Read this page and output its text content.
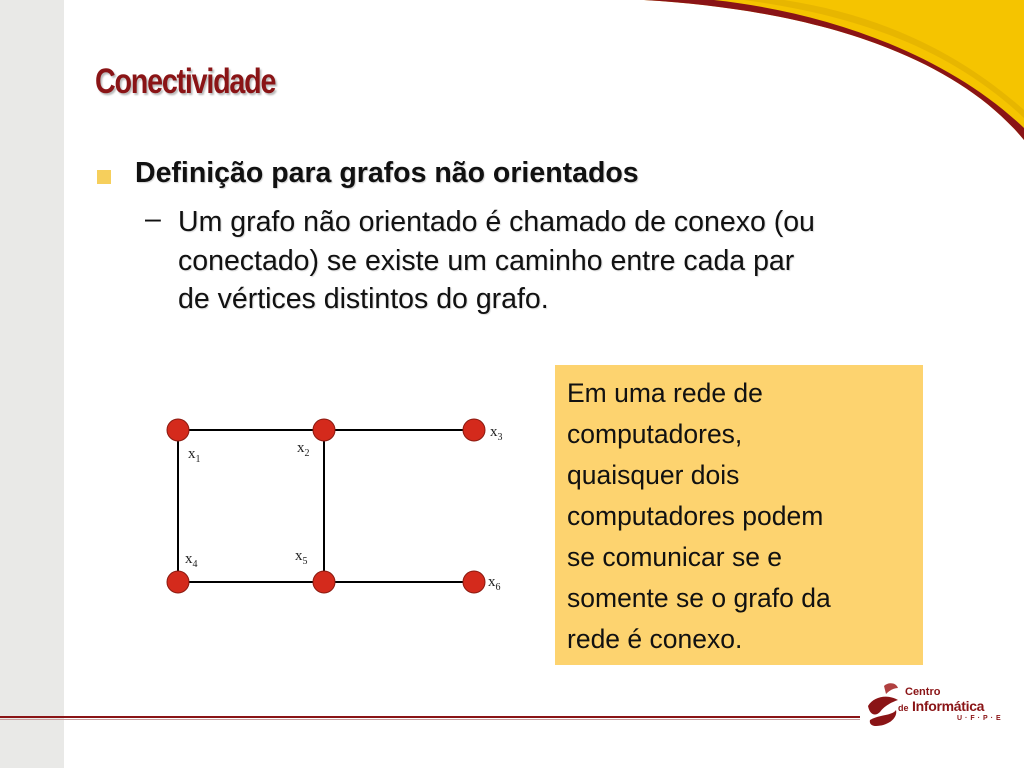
Conectividade
Definição para grafos não orientados
– Um grafo não orientado é chamado de conexo (ou
conectado) se existe um caminho entre cada par
de vértices distintos do grafo.
$x_1$
$x_2$
$x_3$
$x_4$
$x_5$
$x_6$
Em uma rede de
computadores,
quaisquer dois
computadores podem
se comunicar se e
somente se o grafo da
rede é conexo.
Centro
de Informática
U·F·P·E
